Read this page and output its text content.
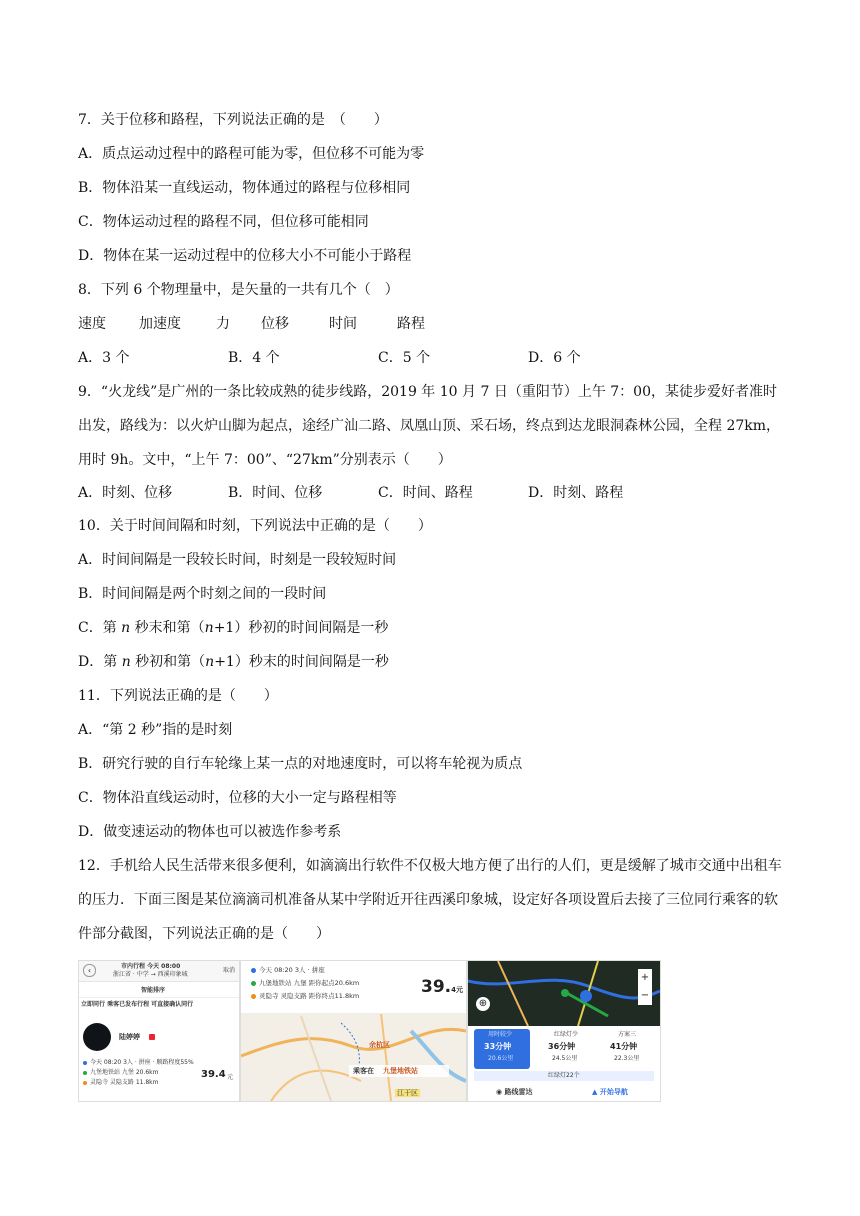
7．关于位移和路程，下列说法正确的是　（　　）
A．质点运动过程中的路程可能为零，但位移不可能为零
B．物体沿某一直线运动，物体通过的路程与位移相同
C．物体运动过程的路程不同，但位移可能相同
D．物体在某一运动过程中的位移大小不可能小于路程
8．下列 6 个物理量中，是矢量的一共有几个（　）
速度 加速度	力 位移	时间	路程
A．3 个	B．4 个	C．5 个	D．6 个
9．“火龙线”是广州的一条比较成熟的徒步线路，2019 年 10 月 7 日（重阳节）上午 7：00，某徒步爱好者准时出发，路线为：以火炉山脚为起点，途经广汕二路、凤凰山顶、采石场，终点到达龙眼洞森林公园，全程 27km，用时 9h。文中，“上午 7：00”、“27km”分别表示（　　）
A．时刻、位移	B．时间、位移	C．时间、路程	D．时刻、路程
10．关于时间间隔和时刻，下列说法中正确的是（　　）
A．时间间隔是一段较长时间，时刻是一段较短时间
B．时间间隔是两个时刻之间的一段时间
C．第 n 秒末和第（n+1）秒初的时间间隔是一秒
D．第 n 秒初和第（n+1）秒末的时间间隔是一秒
11．下列说法正确的是（　　）
A．“第 2 秒”指的是时刻
B．研究行驶的自行车轮缘上某一点的对地速度时，可以将车轮视为质点
C．物体沿直线运动时，位移的大小一定与路程相等
D．做变速运动的物体也可以被选作参考系
12．手机给人民生活带来很多便利，如滴滴出行软件不仅极大地方便了出行的人们，更是缓解了城市交通中出租车的压力．下面三图是某位滴滴司机准备从某中学附近开往西溪印象城，设定好各项设置后去接了三位同行乘客的软件部分截图，下列说法正确的是（　　）
‹	市内行程 今天 08:00
浙江省 · 中学 → 西溪印象城
取消
智能排序
立即同行 乘客已发布行程 可直接确认同行
陆婷婷
今天 08:20 3人 · 拼座 · 顺路程度55%
九堡地铁站 九堡 20.6km
灵隐寺 灵隐支路 11.8km
39.4 元
今天 08:20 3人 · 拼座
九堡地铁站 九堡 距你起点20.6km
灵隐寺 灵隐支路 距你终点11.8km	39.4元
余杭区
乘客在 九堡地铁站
江干区
⊕
+
−
用时较少
33分钟
20.6公里
红绿灯少
36分钟
24.5公里
方案三
41分钟
22.3公里
红绿灯22个
◉ 路线雷达	▲ 开始导航
